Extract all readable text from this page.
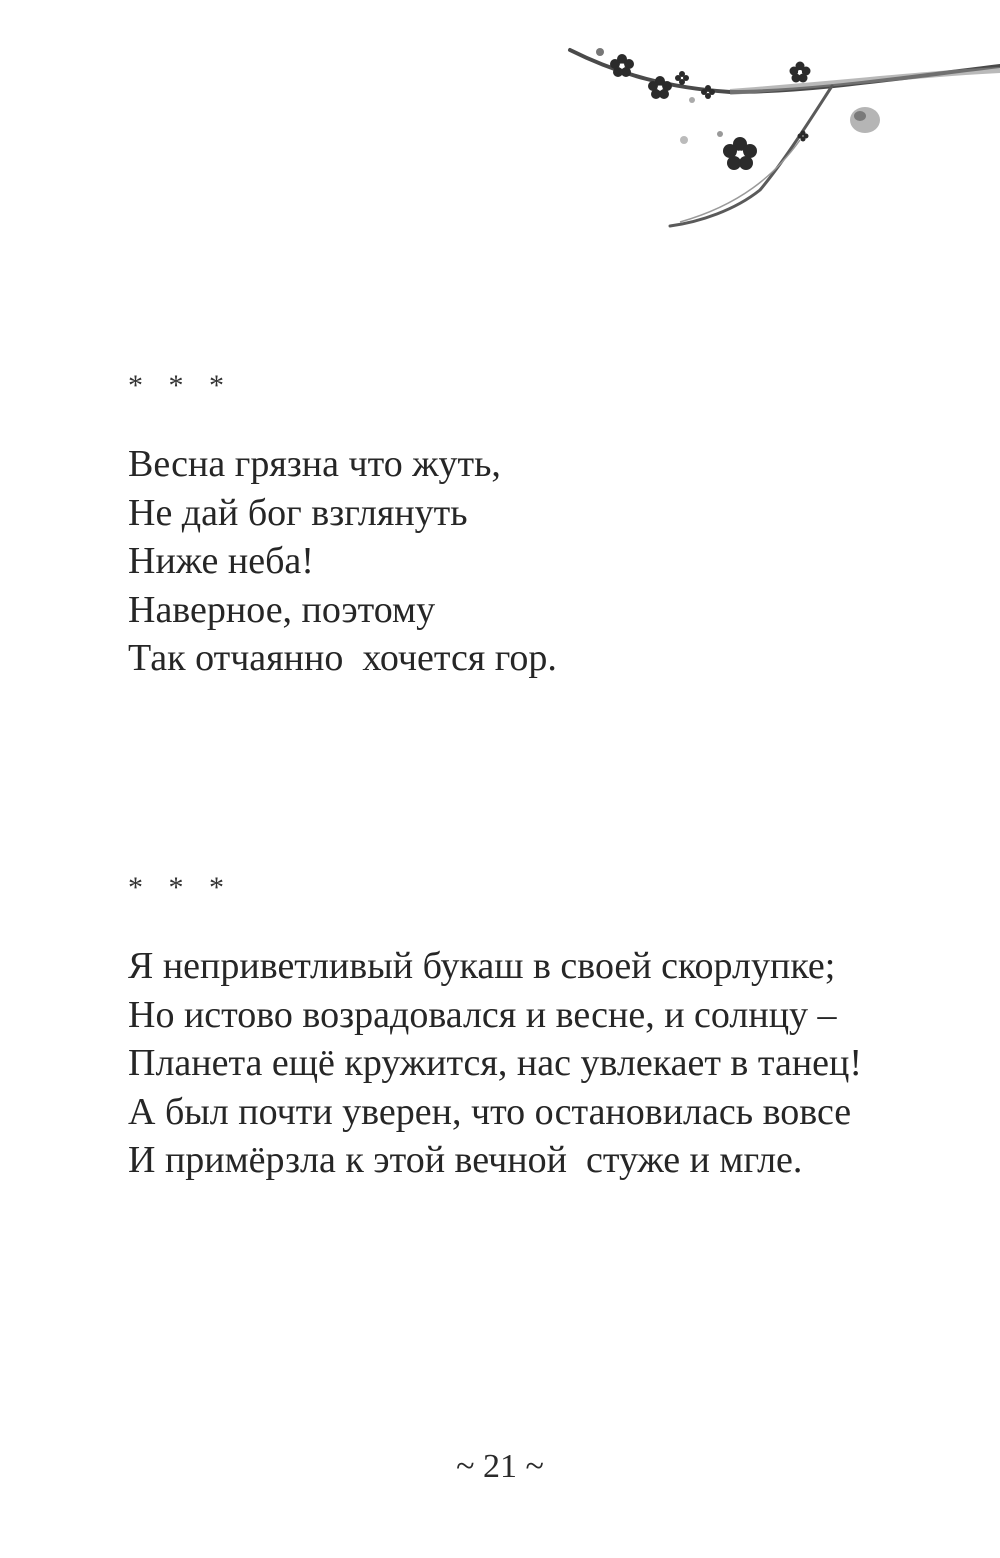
* * *
Весна грязна что жуть,
Не дай бог взглянуть
Ниже неба!
Наверное, поэтому
Так отчаянно  хочется гор.
* * *
Я неприветливый букаш в своей скорлупке;
Но истово возрадовался и весне, и солнцу –
Планета ещё кружится, нас увлекает в танец!
А был почти уверен, что остановилась вовсе
И примёрзла к этой вечной  стуже и мгле.
~ 21 ~
